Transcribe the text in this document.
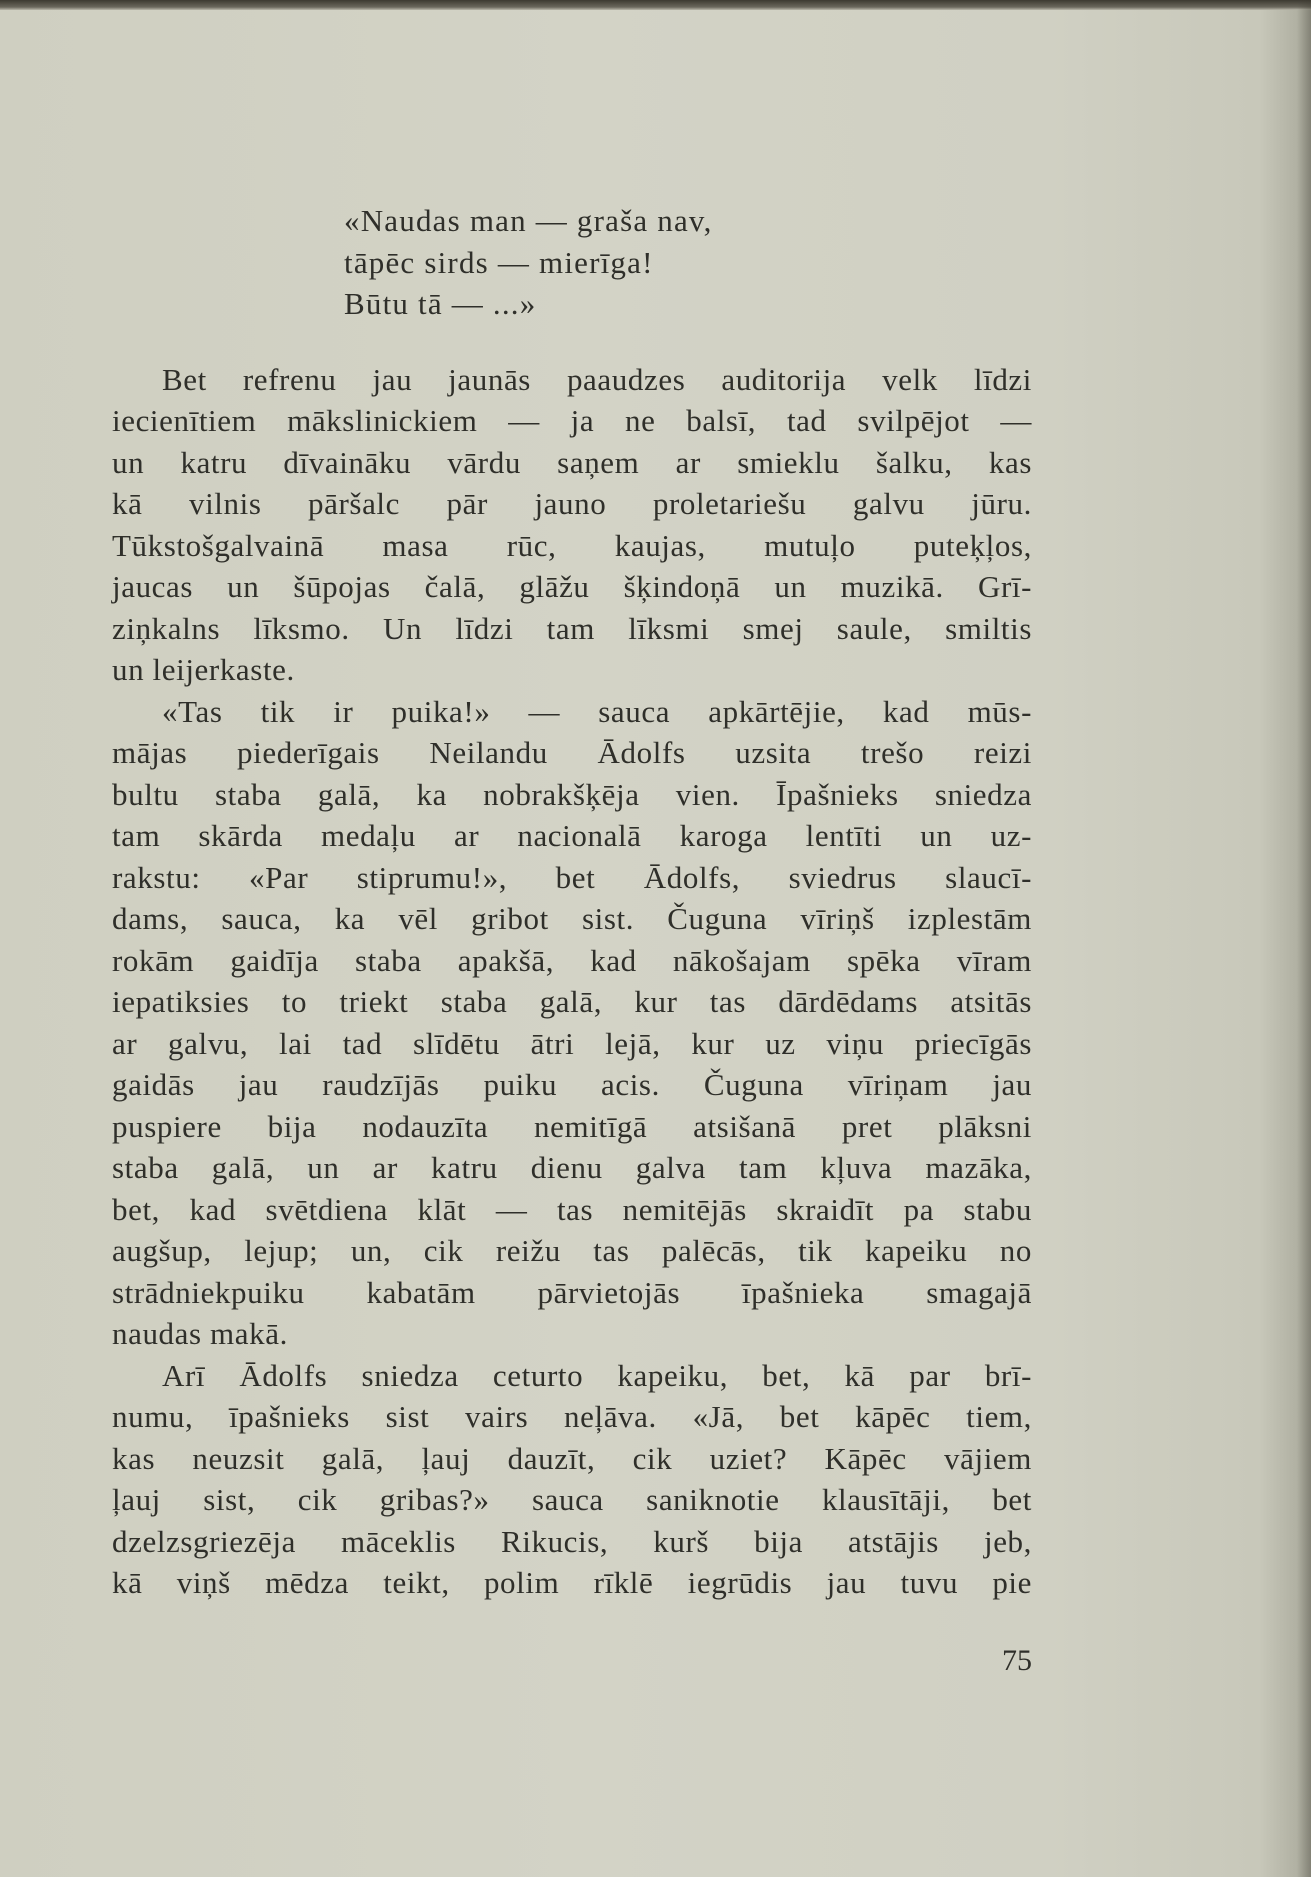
«Naudas man — graša nav,
tāpēc sirds — mierīga!
Būtu tā — ...»
Bet refrenu jau jaunās paaudzes auditorija velk līdzi
iecienītiem mākslinickiem — ja ne balsī, tad svilpējot —
un katru dīvaināku vārdu saņem ar smieklu šalku, kas
kā vilnis pāršalc pār jauno proletariešu galvu jūru.
Tūkstošgalvainā masa rūc, kaujas, mutuļo puteķļos,
jaucas un šūpojas čalā, glāžu šķindoņā un muzikā. Grī-
ziņkalns līksmo. Un līdzi tam līksmi smej saule, smiltis
un leijerkaste.
«Tas tik ir puika!» — sauca apkārtējie, kad mūs-
mājas piederīgais Neilandu Ādolfs uzsita trešo reizi
bultu staba galā, ka nobrakšķēja vien. Īpašnieks sniedza
tam skārda medaļu ar nacionalā karoga lentīti un uz-
rakstu: «Par stiprumu!», bet Ādolfs, sviedrus slaucī-
dams, sauca, ka vēl gribot sist. Čuguna vīriņš izplestām
rokām gaidīja staba apakšā, kad nākošajam spēka vīram
iepatiksies to triekt staba galā, kur tas dārdēdams atsitās
ar galvu, lai tad slīdētu ātri lejā, kur uz viņu priecīgās
gaidās jau raudzījās puiku acis. Čuguna vīriņam jau
puspiere bija nodauzīta nemitīgā atsišanā pret plāksni
staba galā, un ar katru dienu galva tam kļuva mazāka,
bet, kad svētdiena klāt — tas nemitējās skraidīt pa stabu
augšup, lejup; un, cik reižu tas palēcās, tik kapeiku no
strādniekpuiku kabatām pārvietojās īpašnieka smagajā
naudas makā.
Arī Ādolfs sniedza ceturto kapeiku, bet, kā par brī-
numu, īpašnieks sist vairs neļāva. «Jā, bet kāpēc tiem,
kas neuzsit galā, ļauj dauzīt, cik uziet? Kāpēc vājiem
ļauj sist, cik gribas?» sauca saniknotie klausītāji, bet
dzelzsgriezēja māceklis Rikucis, kurš bija atstājis jeb,
kā viņš mēdza teikt, polim rīklē iegrūdis jau tuvu pie
75
